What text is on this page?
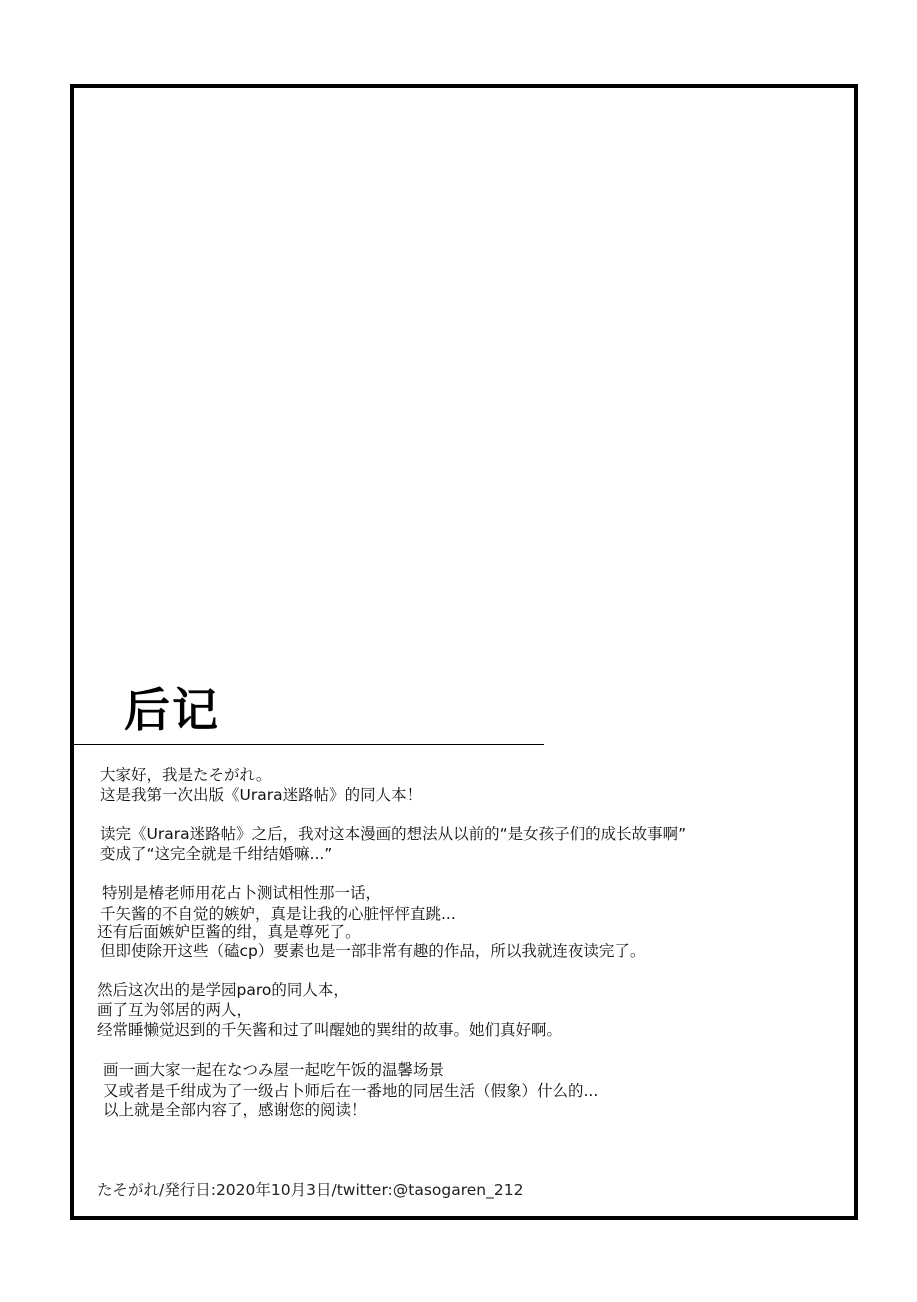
后记
大家好，我是たそがれ。
这是我第一次出版《Urara迷路帖》的同人本！
读完《Urara迷路帖》之后，我对这本漫画的想法从以前的“是女孩子们的成长故事啊”
变成了“这完全就是千绀结婚嘛...”
特别是椿老师用花占卜测试相性那一话，
千矢酱的不自觉的嫉妒，真是让我的心脏怦怦直跳...
还有后面嫉妒臣酱的绀，真是尊死了。
但即使除开这些（磕cp）要素也是一部非常有趣的作品，所以我就连夜读完了。
然后这次出的是学园paro的同人本，
画了互为邻居的两人，
经常睡懒觉迟到的千矢酱和过了叫醒她的巽绀的故事。她们真好啊。
画一画大家一起在なつみ屋一起吃午饭的温馨场景
又或者是千绀成为了一级占卜师后在一番地的同居生活（假象）什么的...
以上就是全部内容了，感谢您的阅读！
たそがれ/発行日:2020年10月3日/twitter:@tasogaren_212
